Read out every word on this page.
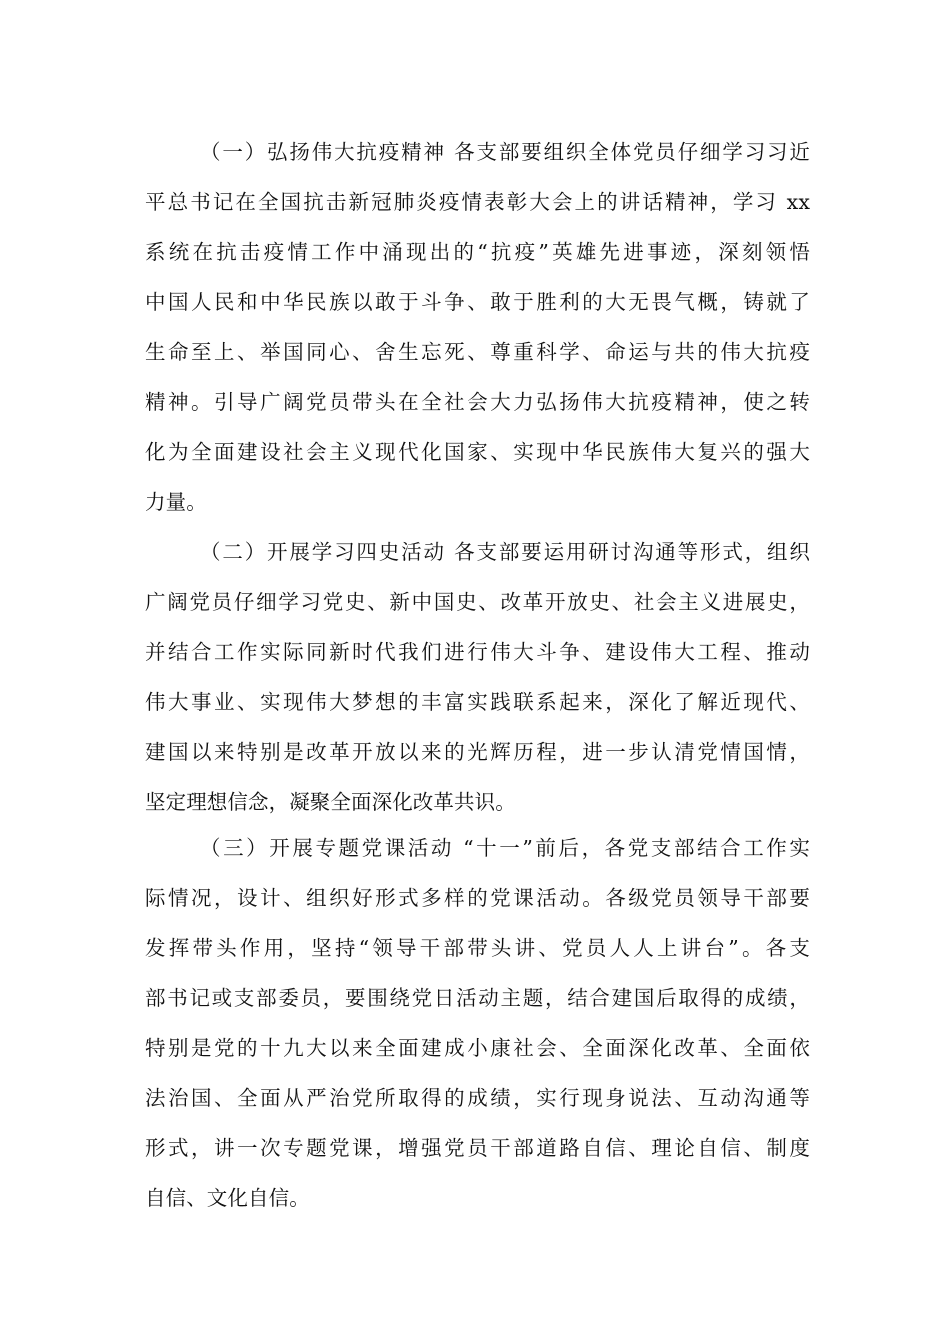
（一）弘扬伟大抗疫精神 各支部要组织全体党员仔细学习习近
平总书记在全国抗击新冠肺炎疫情表彰大会上的讲话精神，学习 xx
系统在抗击疫情工作中涌现出的“抗疫”英雄先进事迹，深刻领悟
中国人民和中华民族以敢于斗争、敢于胜利的大无畏气概，铸就了
生命至上、举国同心、舍生忘死、尊重科学、命运与共的伟大抗疫
精神。引导广阔党员带头在全社会大力弘扬伟大抗疫精神，使之转
化为全面建设社会主义现代化国家、实现中华民族伟大复兴的强大
力量。
（二）开展学习四史活动 各支部要运用研讨沟通等形式，组织
广阔党员仔细学习党史、新中国史、改革开放史、社会主义进展史，
并结合工作实际同新时代我们进行伟大斗争、建设伟大工程、推动
伟大事业、实现伟大梦想的丰富实践联系起来，深化了解近现代、
建国以来特别是改革开放以来的光辉历程，进一步认清党情国情，
坚定理想信念，凝聚全面深化改革共识。
（三）开展专题党课活动 “十一”前后，各党支部结合工作实
际情况，设计、组织好形式多样的党课活动。各级党员领导干部要
发挥带头作用，坚持“领导干部带头讲、党员人人上讲台”。各支
部书记或支部委员，要围绕党日活动主题，结合建国后取得的成绩，
特别是党的十九大以来全面建成小康社会、全面深化改革、全面依
法治国、全面从严治党所取得的成绩，实行现身说法、互动沟通等
形式，讲一次专题党课，增强党员干部道路自信、理论自信、制度
自信、文化自信。
